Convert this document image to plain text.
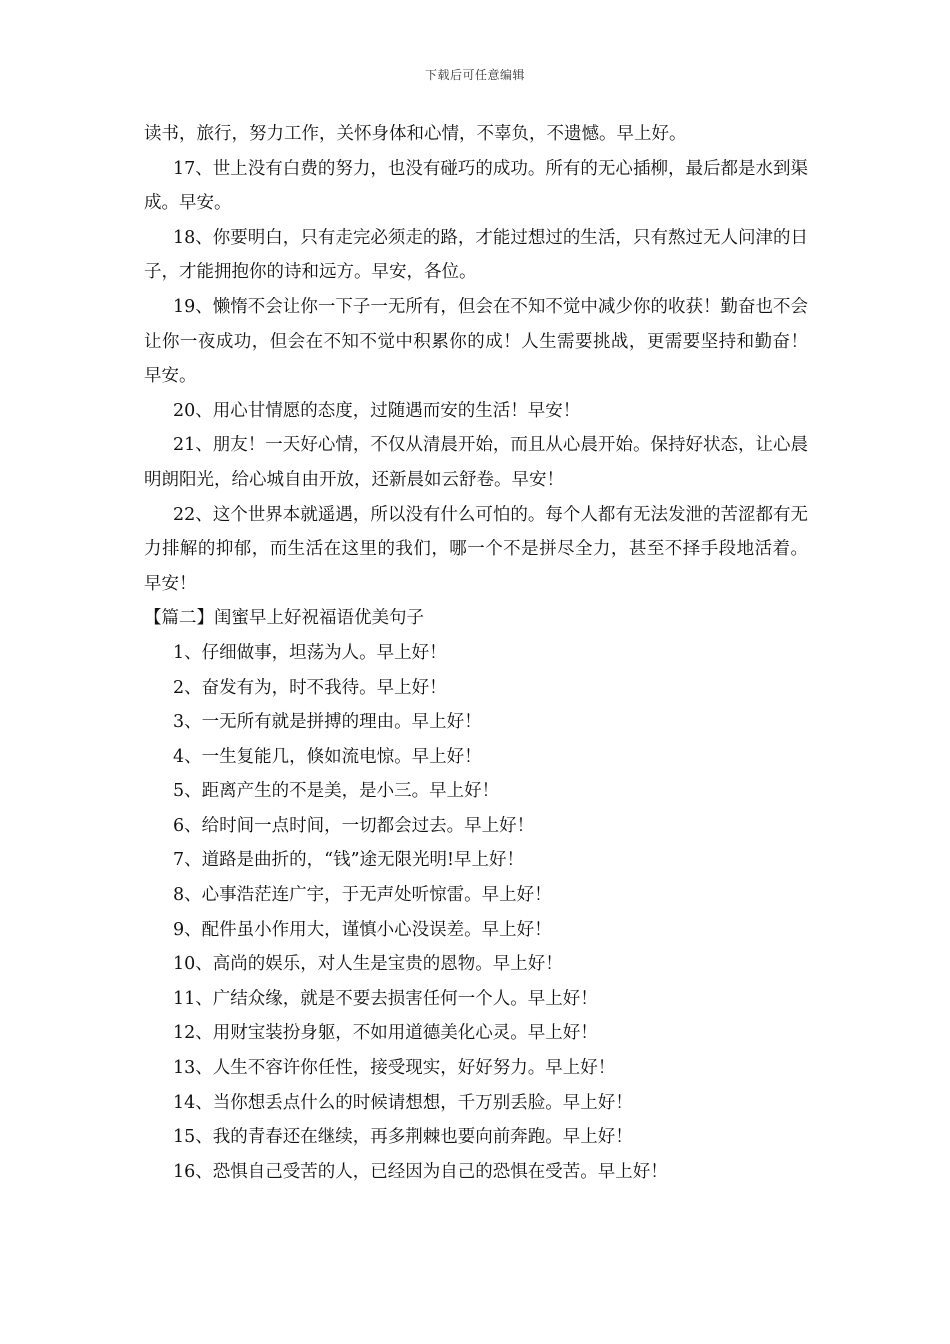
下载后可任意编辑

读书，旅行，努力工作，关怀身体和心情，不辜负，不遗憾。早上好。

17、世上没有白费的努力，也没有碰巧的成功。所有的无心插柳，最后都是水到渠成。早安。

18、你要明白，只有走完必须走的路，才能过想过的生活，只有熬过无人问津的日子，才能拥抱你的诗和远方。早安，各位。

19、懒惰不会让你一下子一无所有，但会在不知不觉中减少你的收获！勤奋也不会让你一夜成功，但会在不知不觉中积累你的成！人生需要挑战，更需要坚持和勤奋！早安。

20、用心甘情愿的态度，过随遇而安的生活！早安！

21、朋友！一天好心情，不仅从清晨开始，而且从心晨开始。保持好状态，让心晨明朗阳光，给心城自由开放，还新晨如云舒卷。早安！

22、这个世界本就遥遇，所以没有什么可怕的。每个人都有无法发泄的苦涩都有无力排解的抑郁，而生活在这里的我们，哪一个不是拼尽全力，甚至不择手段地活着。早安！

【篇二】闺蜜早上好祝福语优美句子

1、仔细做事，坦荡为人。早上好！

2、奋发有为，时不我待。早上好！

3、一无所有就是拼搏的理由。早上好！

4、一生复能几，倏如流电惊。早上好！

5、距离产生的不是美，是小三。早上好！

6、给时间一点时间，一切都会过去。早上好！

7、道路是曲折的，“钱”途无限光明!早上好！

8、心事浩茫连广宇，于无声处听惊雷。早上好！

9、配件虽小作用大，谨慎小心没误差。早上好！

10、高尚的娱乐，对人生是宝贵的恩物。早上好！

11、广结众缘，就是不要去损害任何一个人。早上好！

12、用财宝装扮身躯，不如用道德美化心灵。早上好！

13、人生不容许你任性，接受现实，好好努力。早上好！

14、当你想丢点什么的时候请想想，千万别丢脸。早上好！

15、我的青春还在继续，再多荆棘也要向前奔跑。早上好！

16、恐惧自己受苦的人，已经因为自己的恐惧在受苦。早上好！
